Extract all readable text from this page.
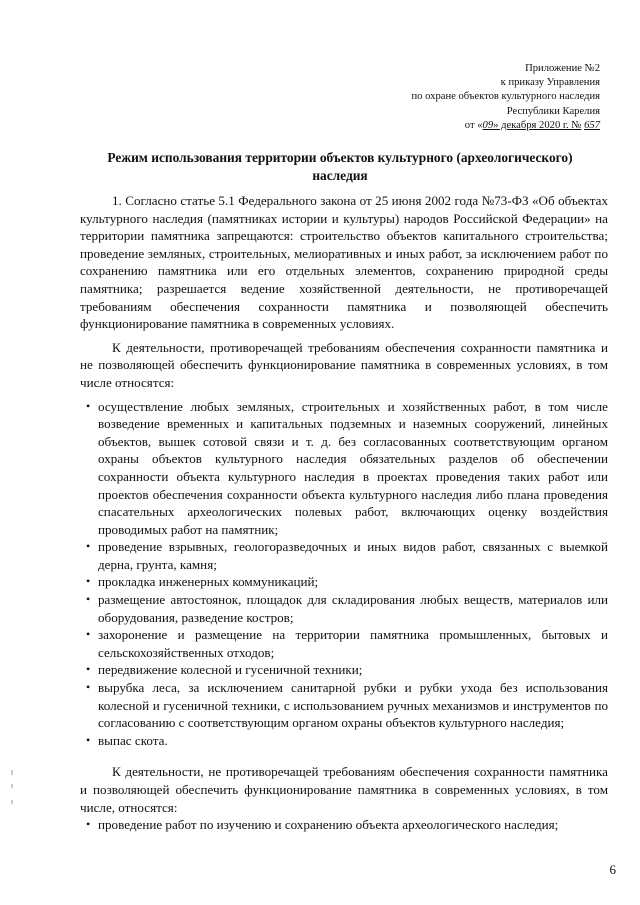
Приложение №2
к приказу Управления
по охране объектов культурного наследия
Республики Карелия
от «09» декабря 2020 г. № 657
Режим использования территории объектов культурного (археологического) наследия

1. Согласно статье 5.1 Федерального закона от 25 июня 2002 года №73-ФЗ «Об объектах культурного наследия (памятниках истории и культуры) народов Российской Федерации» на территории памятника запрещаются: строительство объектов капитального строительства; проведение земляных, строительных, мелиоративных и иных работ, за исключением работ по сохранению памятника или его отдельных элементов, сохранению природной среды памятника; разрешается ведение хозяйственной деятельности, не противоречащей требованиям обеспечения сохранности памятника и позволяющей обеспечить функционирование памятника в современных условиях.

К деятельности, противоречащей требованиям обеспечения сохранности памятника и не позволяющей обеспечить функционирование памятника в современных условиях, в том числе относятся:

• осуществление любых земляных, строительных и хозяйственных работ, в том числе возведение временных и капитальных подземных и наземных сооружений, линейных объектов, вышек сотовой связи и т. д. без согласованных соответствующим органом охраны объектов культурного наследия обязательных разделов об обеспечении сохранности объекта культурного наследия в проектах проведения таких работ или проектов обеспечения сохранности объекта культурного наследия либо плана проведения спасательных археологических полевых работ, включающих оценку воздействия проводимых работ на памятник;
• проведение взрывных, геологоразведочных и иных видов работ, связанных с выемкой дерна, грунта, камня;
• прокладка инженерных коммуникаций;
• размещение автостоянок, площадок для складирования любых веществ, материалов или оборудования, разведение костров;
• захоронение и размещение на территории памятника промышленных, бытовых и сельскохозяйственных отходов;
• передвижение колесной и гусеничной техники;
• вырубка леса, за исключением санитарной рубки и рубки ухода без использования колесной и гусеничной техники, с использованием ручных механизмов и инструментов по согласованию с соответствующим органом охраны объектов культурного наследия;
• выпас скота.

К деятельности, не противоречащей требованиям обеспечения сохранности памятника и позволяющей обеспечить функционирование памятника в современных условиях, в том числе, относятся:

• проведение работ по изучению и сохранению объекта археологического наследия;
6
